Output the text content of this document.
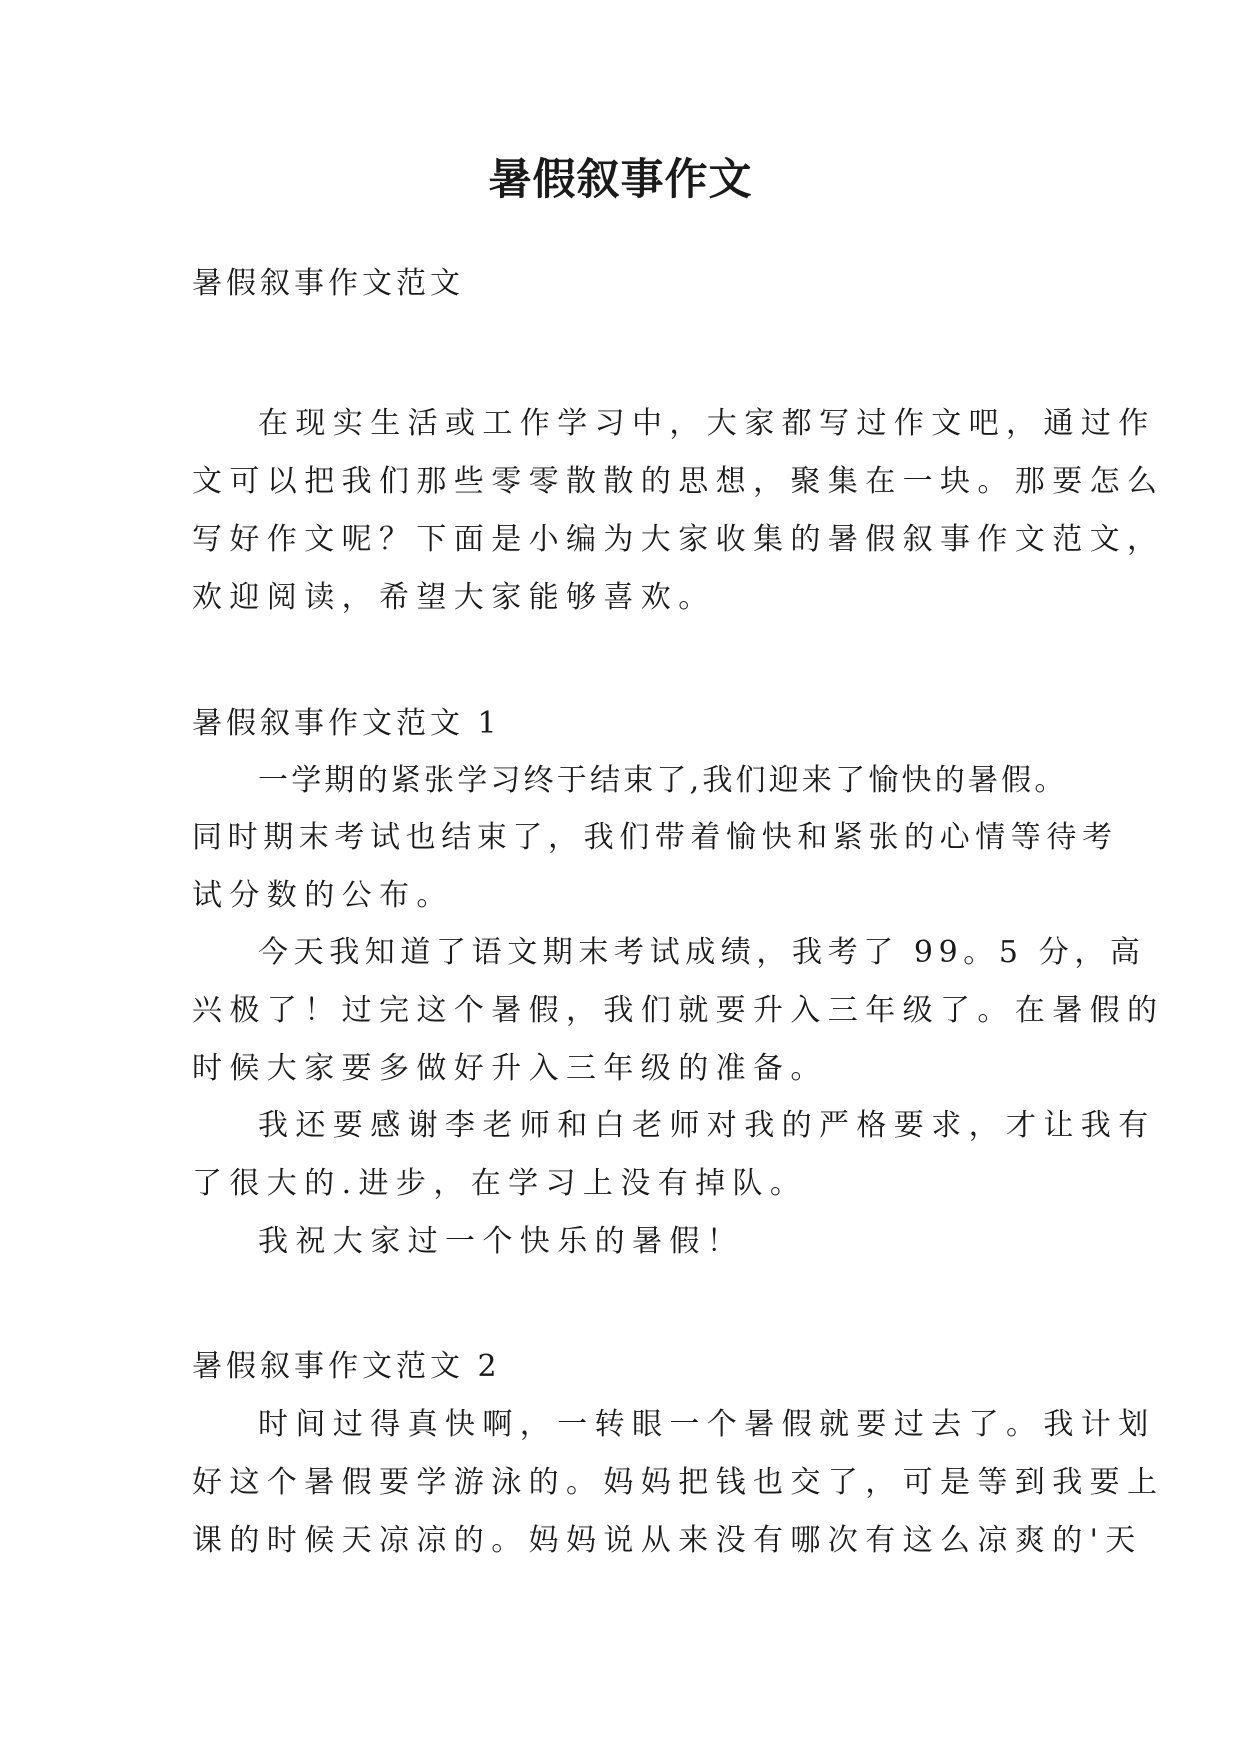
暑假叙事作文

暑假叙事作文范文

在现实生活或工作学习中，大家都写过作文吧，通过作

文可以把我们那些零零散散的思想，聚集在一块。那要怎么

写好作文呢？下面是小编为大家收集的暑假叙事作文范文，

欢迎阅读，希望大家能够喜欢。

暑假叙事作文范文 1

一学期的紧张学习终于结束了,我们迎来了愉快的暑假。

同时期末考试也结束了，我们带着愉快和紧张的心情等待考

试分数的公布。

今天我知道了语文期末考试成绩，我考了 99。5 分，高

兴极了！过完这个暑假，我们就要升入三年级了。在暑假的

时候大家要多做好升入三年级的准备。

我还要感谢李老师和白老师对我的严格要求，才让我有

了很大的.进步，在学习上没有掉队。

我祝大家过一个快乐的暑假！

暑假叙事作文范文 2

时间过得真快啊，一转眼一个暑假就要过去了。我计划

好这个暑假要学游泳的。妈妈把钱也交了，可是等到我要上

课的时候天凉凉的。妈妈说从来没有哪次有这么凉爽的'天
